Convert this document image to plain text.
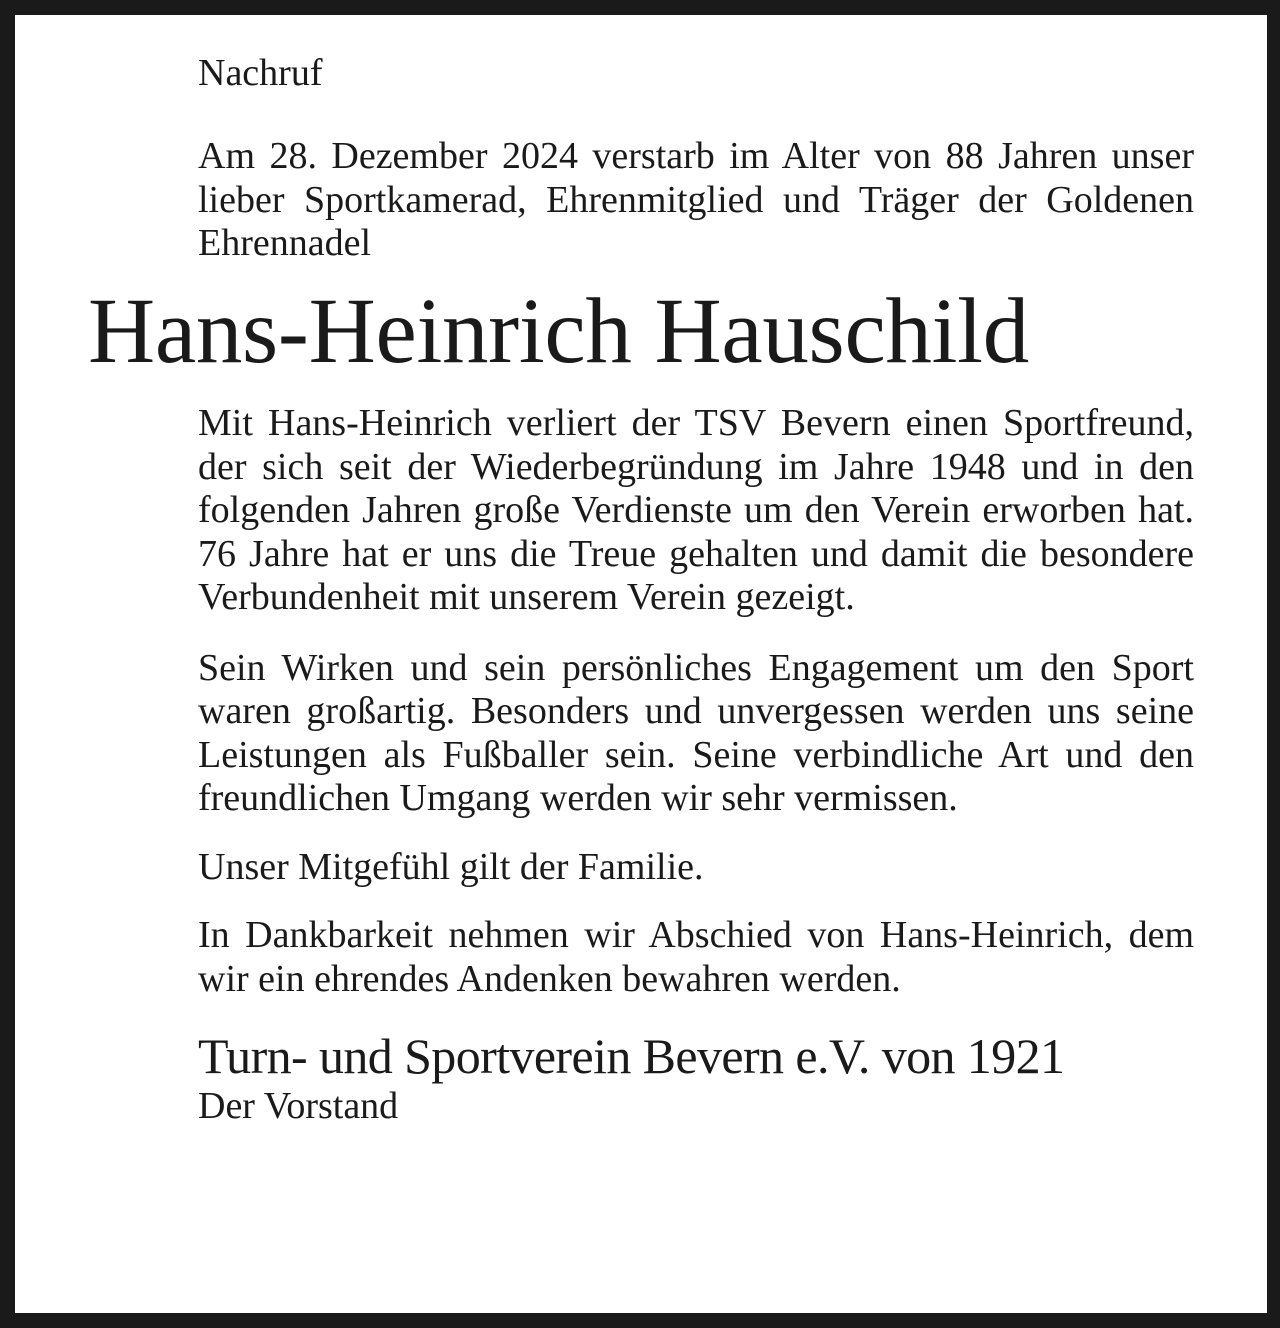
Nachruf

Am 28. Dezember 2024 verstarb im Alter von 88 Jahren unser lieber Sportkamerad, Ehrenmitglied und Träger der Goldenen Ehrennadel

Hans-Heinrich Hauschild

Mit Hans-Heinrich verliert der TSV Bevern einen Sportfreund, der sich seit der Wiederbegründung im Jahre 1948 und in den folgenden Jahren große Verdienste um den Verein erworben hat. 76 Jahre hat er uns die Treue gehalten und damit die besondere Verbundenheit mit unserem Verein gezeigt.

Sein Wirken und sein persönliches Engagement um den Sport waren großartig. Besonders und unvergessen werden uns seine Leistungen als Fußballer sein. Seine verbindliche Art und den freundlichen Umgang werden wir sehr vermissen.

Unser Mitgefühl gilt der Familie.

In Dankbarkeit nehmen wir Abschied von Hans-Heinrich, dem wir ein ehrendes Andenken bewahren werden.

Turn- und Sportverein Bevern e.V. von 1921

Der Vorstand
